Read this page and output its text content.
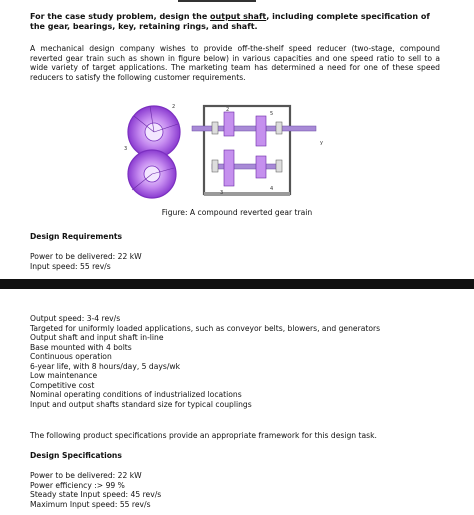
For the case study problem, design the output shaft, including complete specification of the gear, bearings, key, retaining rings, and shaft.

A mechanical design company wishes to provide off-the-shelf speed reducer (two-stage, compound reverted gear train such as shown in figure below) in various capacities and one speed ratio to sell to a wide variety of target applications. The marketing team has determined a need for one of these speed reducers to satisfy the following customer requirements.

2
3
2
3
5
4
y

Figure: A compound reverted gear train

Design Requirements

Power to be delivered: 22 kW
Input speed: 55 rev/s
Output speed: 3-4 rev/s
Targeted for uniformly loaded applications, such as conveyor belts, blowers, and generators
Output shaft and input shaft in-line
Base mounted with 4 bolts
Continuous operation
6-year life, with 8 hours/day, 5 days/wk
Low maintenance
Competitive cost
Nominal operating conditions of industrialized locations
Input and output shafts standard size for typical couplings

The following product specifications provide an appropriate framework for this design task.

Design Specifications

Power to be delivered: 22 kW
Power efficiency :> 99 %
Steady state Input speed: 45 rev/s
Maximum Input speed: 55 rev/s
